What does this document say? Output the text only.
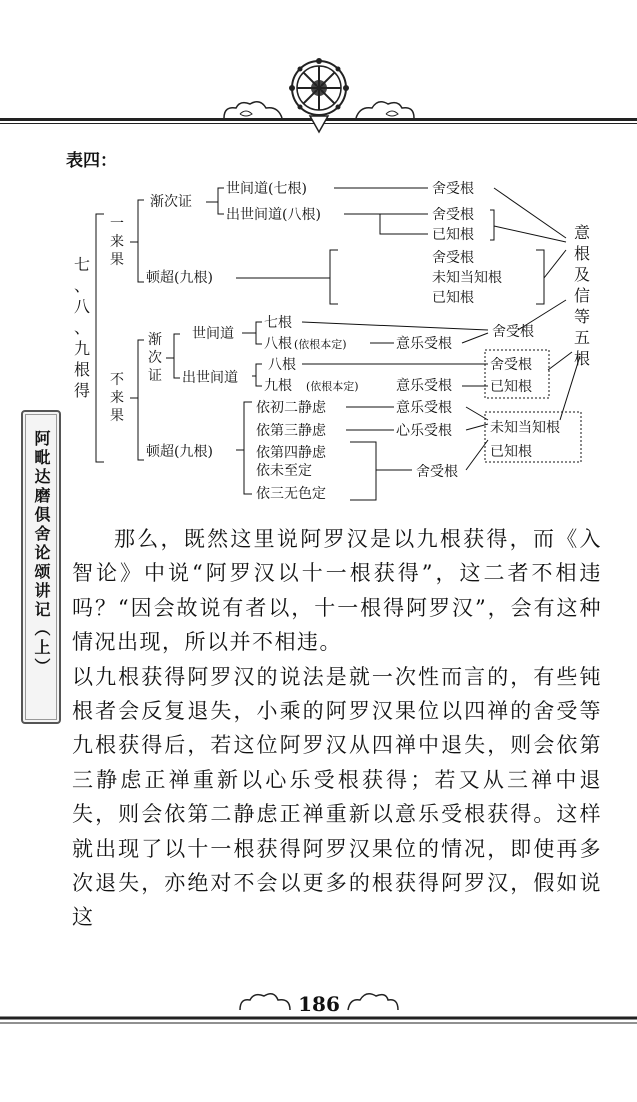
表四：
七、八、九根得
一
来
果
渐次证
世间道(七根)
出世间道(八根)
舍受根
舍受根
已知根
顿超(九根)
舍受根
未知当知根
已知根
意根及信等五根
不
来
果
渐
次
证
世间道
出世间道
七根
八根 (依根本定)	意乐受根
舍受根
八根
九根 (依根本定)	意乐受根
舍受根
已知根
顿超(九根)
依初二静虑
依第三静虑
依第四静虑
依未至定
依三无色定
意乐受根
心乐受根
舍受根
未知当知根
已知根
阿毗达磨俱舍论颂讲记（上）	那么，既然这里说阿罗汉是以九根获得，而《入智论》中说“阿罗汉以十一根获得”，这二者不相违吗？“因会故说有者以，十一根得阿罗汉”，会有这种情况出现，所以并不相违。

以九根获得阿罗汉的说法是就一次性而言的，有些钝根者会反复退失，小乘的阿罗汉果位以四禅的舍受等九根获得后，若这位阿罗汉从四禅中退失，则会依第三静虑正禅重新以心乐受根获得；若又从三禅中退失，则会依第二静虑正禅重新以意乐受根获得。这样就出现了以十一根获得阿罗汉果位的情况，即使再多次退失，亦绝对不会以更多的根获得阿罗汉，假如说这

186
